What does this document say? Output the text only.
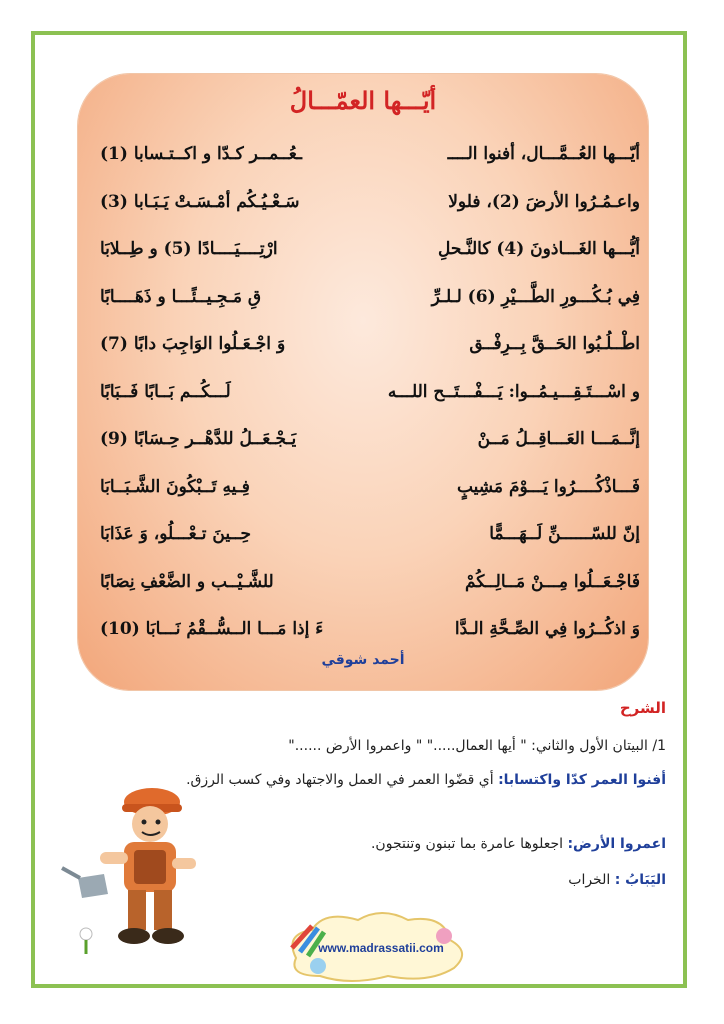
أيّـــها العمّـــالُ
أيّـــها العُــمَّـــال، أفنوا الــــ
ـعُــمــر كـدّا و اكــتـسابا (1)
واعـمُـرُوا الأرضَ (2)، فلولا
سَـعْـيُـكُم أمْـسَـتْ يَـبَـابا (3)
أيُّـــها الغَـــاذونَ (4) كالنَّـحلِ
ارْتِــــيَــــادًا (5) و طِــلابَا
فِي بُـكُـــورِ الطَّـــيْرِ (6) لـلـرِّ
قِ مَـجِـيــئًـــا و ذَهَــــابًا
اطْــلُـبُوا الحَــقَّ بِــرِفْــق
وَ اجْـعَـلُوا الوَاجِبَ دابًا (7)
و اسْـــتَـقِـــيـمُــوا: يَـــفْـــتَــح اللـــه
لَـــكُــم بَــابًا فَــبَابًا
إنَّــمَـــا العَـــاقِــلُ مَــنْ
يَـجْـعَــلُ للدَّهْــر حِـسَابًا (9)
فَـــاذْكُــــرُوا يَـــوْمَ مَشِيبٍ
فِـيهِ تَــبْكُونَ الشَّـبَــابَا
إنّ للسّــــــنِّ لَــهَـــمًّا
حِــينَ تـعْـــلُو، وَ عَذَابَا
فَاجْـعَــلُوا مِـــنْ مَــالِــكُمْ
للشَّـيْــب و الضَّعْفِ نِصَابًا
وَ اذكُــرُوا فِي الصِّـحَّةِ الـدَّا
ءَ إذا مَـــا الــسُّــقْمُ نَـــابَا (10)
أحمد شوقي
الشرح
1/ البيتان الأول والثاني: " أيها العمال....." " واعمروا الأرض ......"
أفنوا العمر كدّا واكتسابا: أي قضّوا العمر في العمل والاجتهاد وفي كسب الرزق.
اعمروا الأرض: اجعلوها عامرة بما تبنون وتنتجون.
اليَبَابُ : الخراب
www.madrassatii.com
